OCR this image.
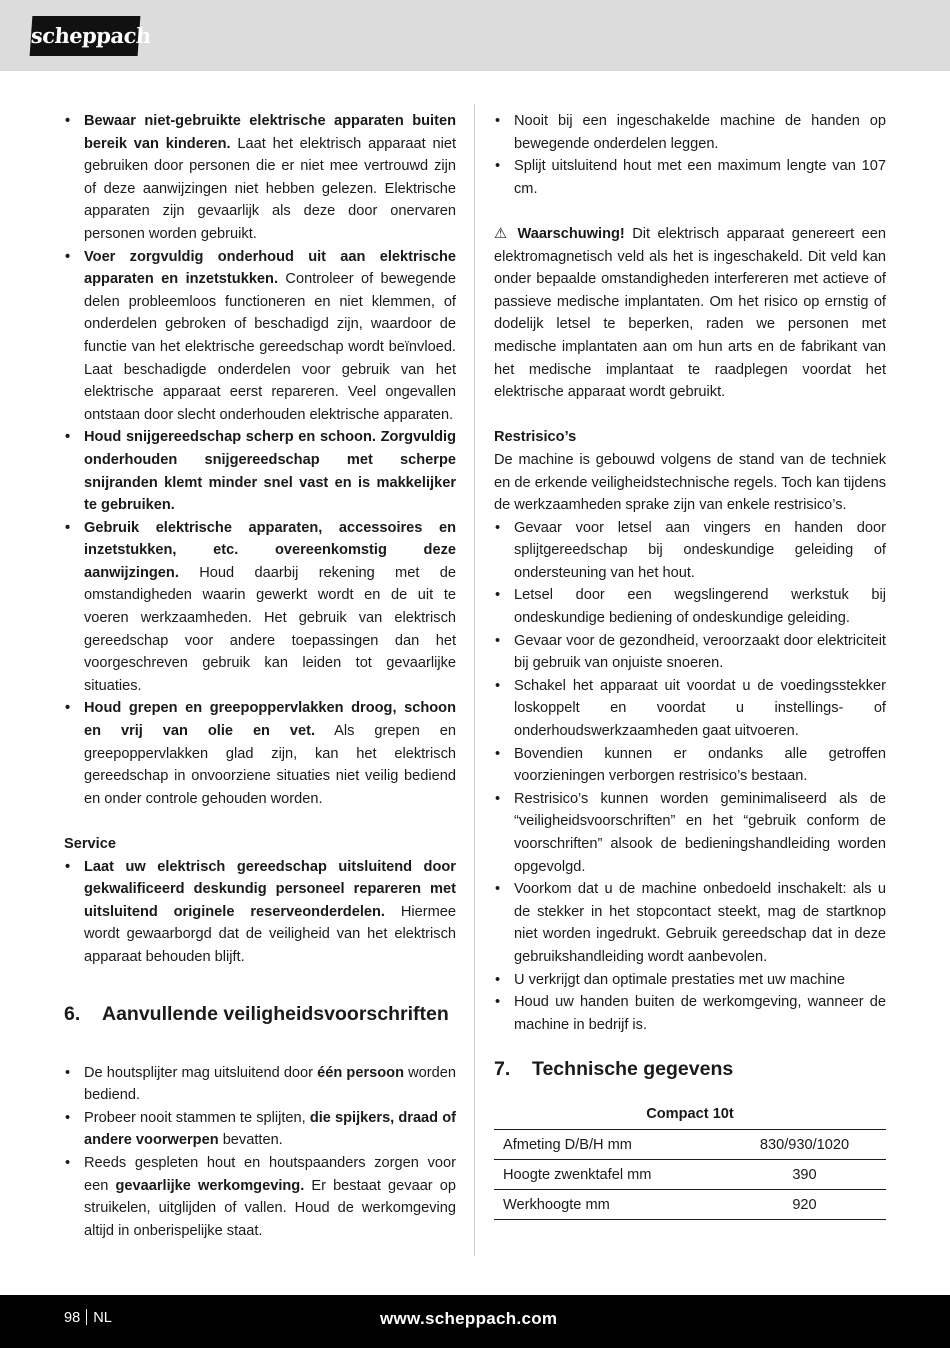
scheppach
• Bewaar niet-gebruikte elektrische apparaten buiten bereik van kinderen. Laat het elektrisch apparaat niet gebruiken door personen die er niet mee vertrouwd zijn of deze aanwijzingen niet hebben gelezen. Elektrische apparaten zijn gevaarlijk als deze door onervaren personen worden gebruikt.
• Voer zorgvuldig onderhoud uit aan elektrische apparaten en inzetstukken. Controleer of bewegende delen probleemloos functioneren en niet klemmen, of onderdelen gebroken of beschadigd zijn, waardoor de functie van het elektrische gereedschap wordt beïnvloed. Laat beschadigde onderdelen voor gebruik van het elektrische apparaat eerst repareren. Veel ongevallen ontstaan door slecht onderhouden elektrische apparaten.
• Houd snijgereedschap scherp en schoon. Zorgvuldig onderhouden snijgereedschap met scherpe snijranden klemt minder snel vast en is makkelijker te gebruiken.
• Gebruik elektrische apparaten, accessoires en inzetstukken, etc. overeenkomstig deze aanwijzingen. Houd daarbij rekening met de omstandigheden waarin gewerkt wordt en de uit te voeren werkzaamheden. Het gebruik van elektrisch gereedschap voor andere toepassingen dan het voorgeschreven gebruik kan leiden tot gevaarlijke situaties.
• Houd grepen en greepoppervlakken droog, schoon en vrij van olie en vet. Als grepen en greepoppervlakken glad zijn, kan het elektrisch gereedschap in onvoorziene situaties niet veilig bediend en onder controle gehouden worden.

Service

• Laat uw elektrisch gereedschap uitsluitend door gekwalificeerd deskundig personeel repareren met uitsluitend originele reserveonderdelen. Hiermee wordt gewaarborgd dat de veiligheid van het elektrisch apparaat behouden blijft.
6.	Aanvullende veiligheidsvoorschriften
• De houtsplijter mag uitsluitend door één persoon worden bediend.
• Probeer nooit stammen te splijten, die spijkers, draad of andere voorwerpen bevatten.
• Reeds gespleten hout en houtspaanders zorgen voor een gevaarlijke werkomgeving. Er bestaat gevaar op struikelen, uitglijden of vallen. Houd de werkomgeving altijd in onberispelijke staat.
• Nooit bij een ingeschakelde machine de handen op bewegende onderdelen leggen.
• Splijt uitsluitend hout met een maximum lengte van 107 cm.

⚠ Waarschuwing! Dit elektrisch apparaat genereert een elektromagnetisch veld als het is ingeschakeld. Dit veld kan onder bepaalde omstandigheden interfereren met actieve of passieve medische implantaten. Om het risico op ernstig of dodelijk letsel te beperken, raden we personen met medische implantaten aan om hun arts en de fabrikant van het medische implantaat te raadplegen voordat het elektrische apparaat wordt gebruikt.

Restrisico’s

De machine is gebouwd volgens de stand van de techniek en de erkende veiligheidstechnische regels. Toch kan tijdens de werkzaamheden sprake zijn van enkele restrisico’s.

• Gevaar voor letsel aan vingers en handen door splijtgereedschap bij ondeskundige geleiding of ondersteuning van het hout.
• Letsel door een wegslingerend werkstuk bij ondeskundige bediening of ondeskundige geleiding.
• Gevaar voor de gezondheid, veroorzaakt door elektriciteit bij gebruik van onjuiste snoeren.
• Schakel het apparaat uit voordat u de voedingsstekker loskoppelt en voordat u instellings- of onderhoudswerkzaamheden gaat uitvoeren.
• Bovendien kunnen er ondanks alle getroffen voorzieningen verborgen restrisico’s bestaan.
• Restrisico’s kunnen worden geminimaliseerd als de “veiligheidsvoorschriften” en het “gebruik conform de voorschriften” alsook de bedieningshandleiding worden opgevolgd.
• Voorkom dat u de machine onbedoeld inschakelt: als u de stekker in het stopcontact steekt, mag de startknop niet worden ingedrukt. Gebruik gereedschap dat in deze gebruikshandleiding wordt aanbevolen.
• U verkrijgt dan optimale prestaties met uw machine
• Houd uw handen buiten de werkomgeving, wanneer de machine in bedrijf is.
7.	Technische gegevens
Compact 10t
Afmeting D/B/H mm	830/930/1020
Hoogte zwenktafel mm	390
Werkhoogte mm	920
98 NL	www.scheppach.com
